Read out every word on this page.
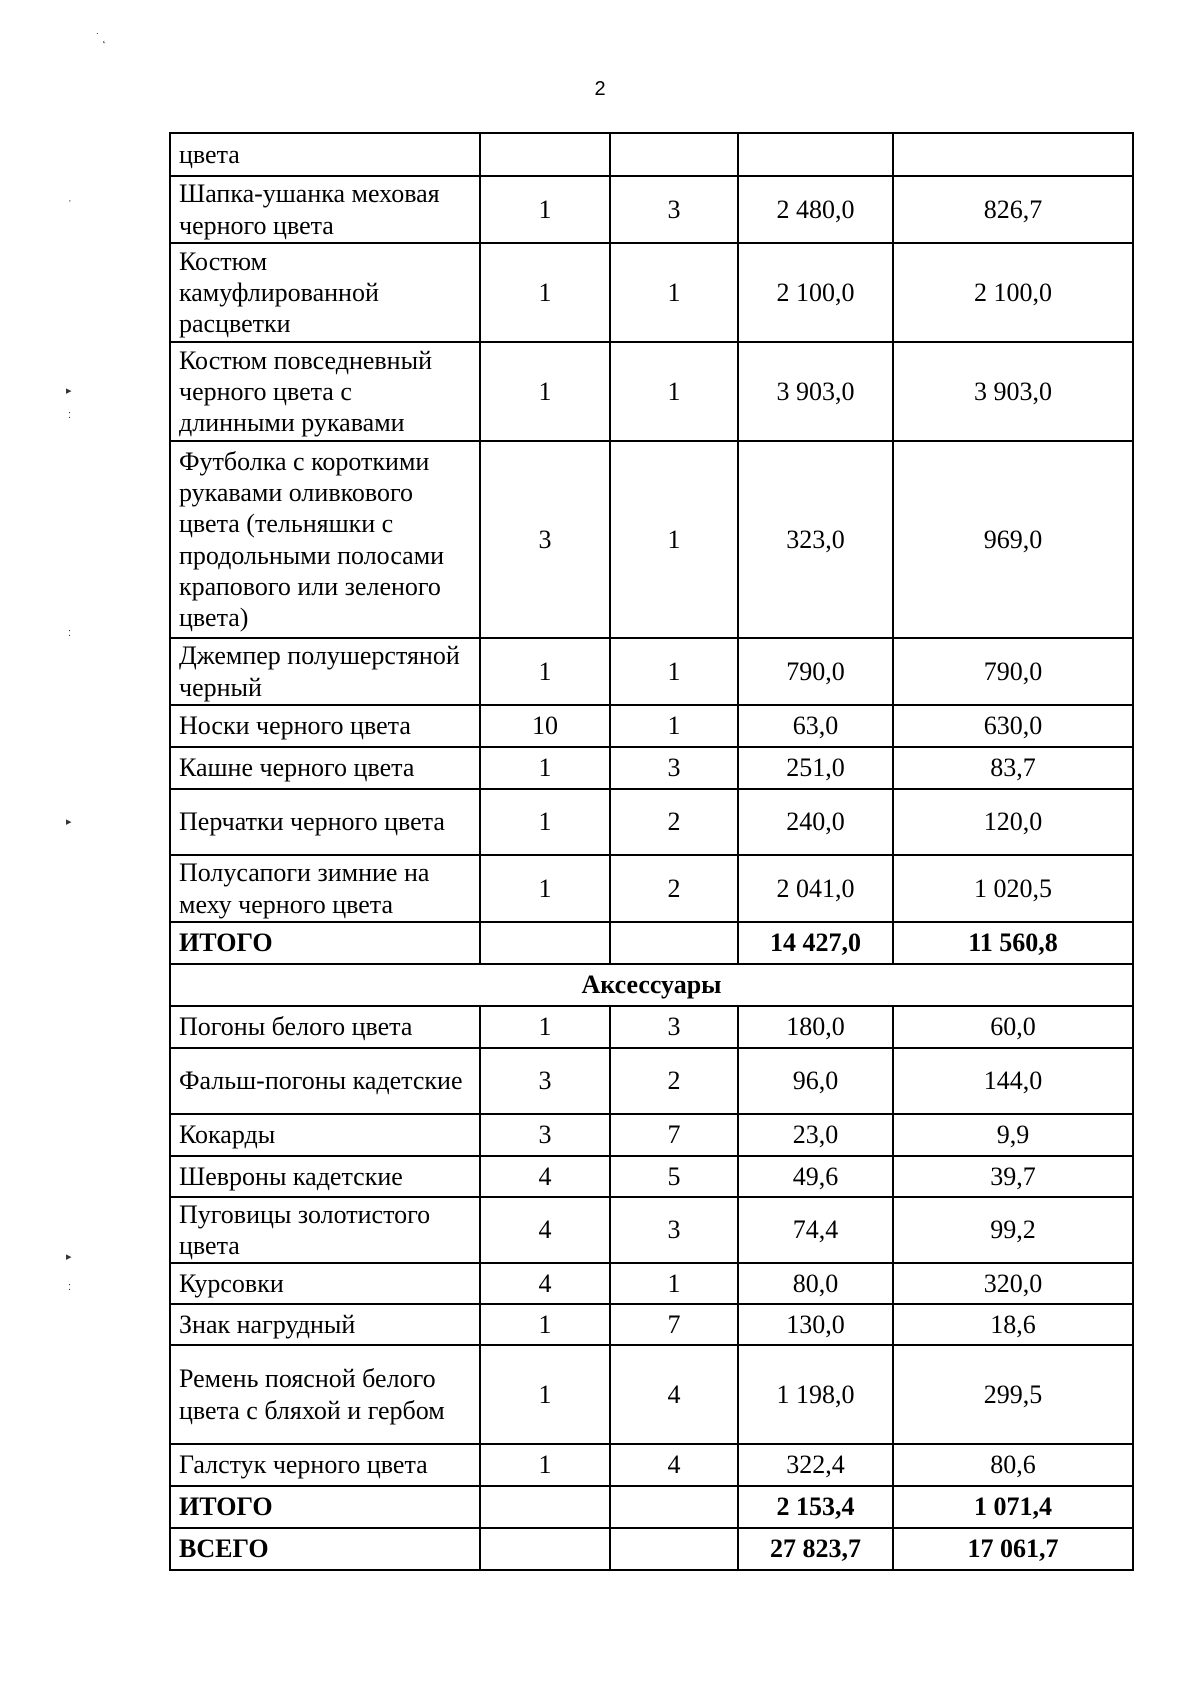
2
˙ ˛
·
▸
:
:
▸
▸
:
цвета				
Шапка-ушанка меховая черного цвета	1	3	2 480,0	826,7
Костюм камуфлированной расцветки	1	1	2 100,0	2 100,0
Костюм повседневный черного цвета с длинными рукавами	1	1	3 903,0	3 903,0
Футболка с короткими рукавами оливкового цвета (тельняшки с продольными полосами крапового или зеленого цвета)	3	1	323,0	969,0
Джемпер полушерстяной черный	1	1	790,0	790,0
Носки черного цвета	10	1	63,0	630,0
Кашне черного цвета	1	3	251,0	83,7
Перчатки черного цвета	1	2	240,0	120,0
Полусапоги зимние на меху черного цвета	1	2	2 041,0	1 020,5
ИТОГО			14 427,0	11 560,8
Аксессуары				
Погоны белого цвета	1	3	180,0	60,0
Фальш-погоны кадетские	3	2	96,0	144,0
Кокарды	3	7	23,0	9,9
Шевроны кадетские	4	5	49,6	39,7
Пуговицы золотистого цвета	4	3	74,4	99,2
Курсовки	4	1	80,0	320,0
Знак нагрудный	1	7	130,0	18,6
Ремень поясной белого цвета с бляхой и гербом	1	4	1 198,0	299,5
Галстук черного цвета	1	4	322,4	80,6
ИТОГО			2 153,4	1 071,4
ВСЕГО			27 823,7	17 061,7
